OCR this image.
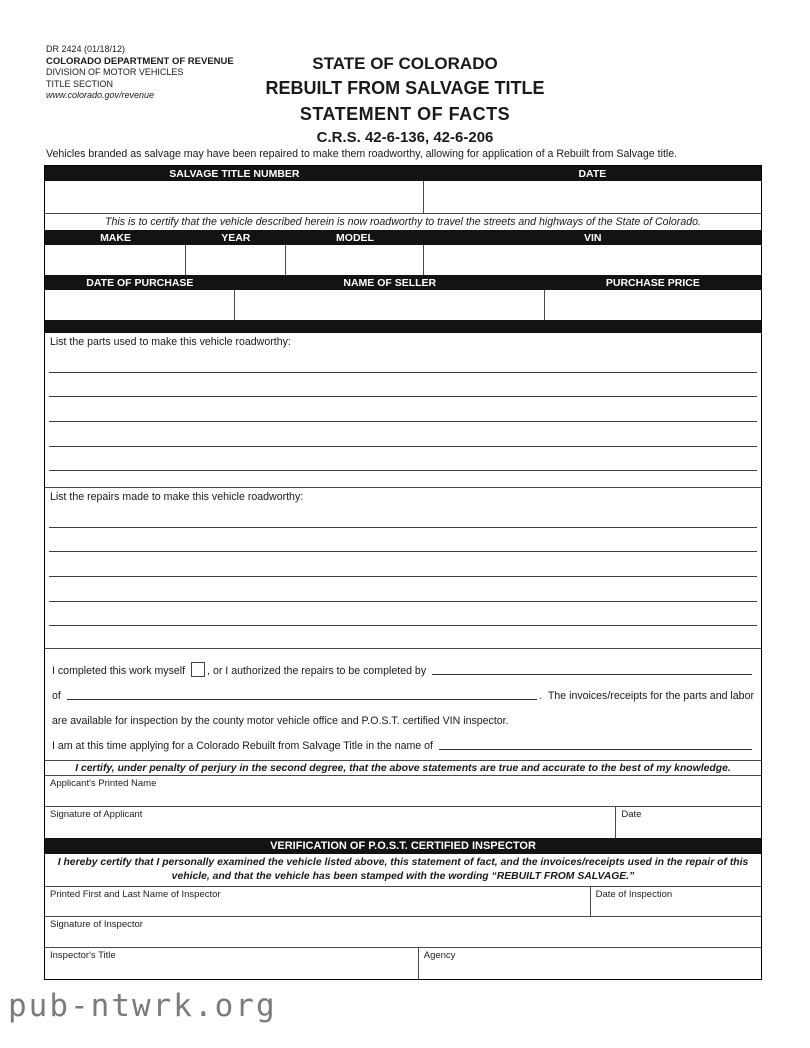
DR 2424 (01/18/12)
COLORADO DEPARTMENT OF REVENUE
DIVISION OF MOTOR VEHICLES
TITLE SECTION
www.colorado.gov/revenue
STATE OF COLORADO
REBUILT FROM SALVAGE TITLE
STATEMENT OF FACTS
C.R.S. 42-6-136, 42-6-206
Vehicles branded as salvage may have been repaired to make them roadworthy, allowing for application of a Rebuilt from Salvage title.
SALVAGE TITLE NUMBER	DATE
This is to certify that the vehicle described herein is now roadworthy to travel the streets and highways of the State of Colorado.
MAKE	YEAR	MODEL	VIN
DATE OF PURCHASE	NAME OF SELLER	PURCHASE PRICE
List the parts used to make this vehicle roadworthy:
List the repairs made to make this vehicle roadworthy:
I completed this work myself , or I authorized the repairs to be completed by
of	.  The invoices/receipts for the parts and labor
are available for inspection by the county motor vehicle office and P.O.S.T. certified VIN inspector.
I am at this time applying for a Colorado Rebuilt from Salvage Title in the name of
I certify, under penalty of perjury in the second degree, that the above statements are true and accurate to the best of my knowledge.
Applicant's Printed Name
Signature of Applicant	Date
VERIFICATION OF P.O.S.T. CERTIFIED INSPECTOR
I hereby certify that I personally examined the vehicle listed above, this statement of fact, and the invoices/receipts used in the repair of this vehicle, and that the vehicle has been stamped with the wording “REBUILT FROM SALVAGE.”
Printed First and Last Name of Inspector	Date of Inspection
Signature of Inspector
Inspector's Title	Agency
pub-ntwrk.org
